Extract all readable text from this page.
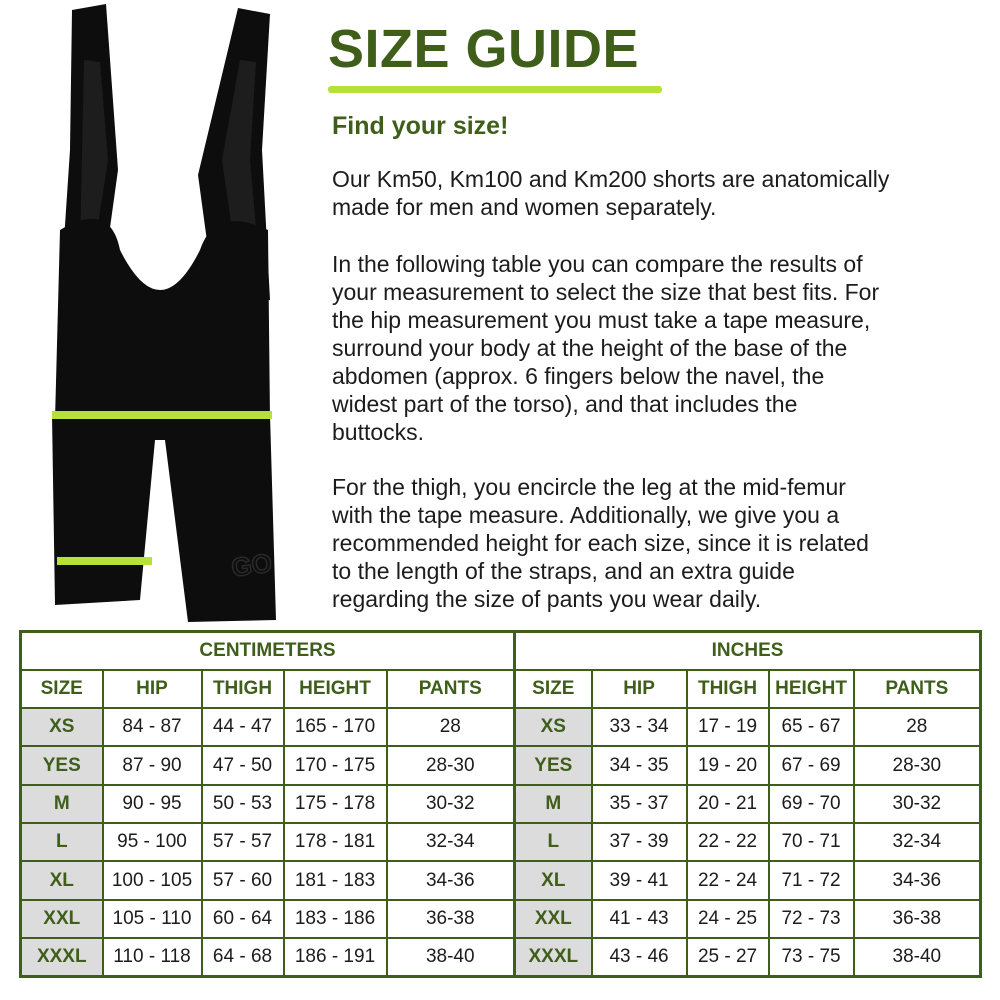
GO
SIZE GUIDE
Find your size!

Our Km50, Km100 and Km200 shorts are anatomically
made for men and women separately.

In the following table you can compare the results of
your measurement to select the size that best fits. For
the hip measurement you must take a tape measure,
surround your body at the height of the base of the
abdomen (approx. 6 fingers below the navel, the
widest part of the torso), and that includes the
buttocks.

For the thigh, you encircle the leg at the mid-femur
with the tape measure. Additionally, we give you a
recommended height for each size, since it is related
to the length of the straps, and an extra guide
regarding the size of pants you wear daily.

CENTIMETERS					INCHES				
SIZE	HIP	THIGH	HEIGHT	PANTS	SIZE	HIP	THIGH	HEIGHT	PANTS
XS	84 - 87	44 - 47	165 - 170	28	XS	33 - 34	17 - 19	65 - 67	28
YES	87 - 90	47 - 50	170 - 175	28-30	YES	34 - 35	19 - 20	67 - 69	28-30
M	90 - 95	50 - 53	175 - 178	30-32	M	35 - 37	20 - 21	69 - 70	30-32
L	95 - 100	57 - 57	178 - 181	32-34	L	37 - 39	22 - 22	70 - 71	32-34
XL	100 - 105	57 - 60	181 - 183	34-36	XL	39 - 41	22 - 24	71 - 72	34-36
XXL	105 - 110	60 - 64	183 - 186	36-38	XXL	41 - 43	24 - 25	72 - 73	36-38
XXXL	110 - 118	64 - 68	186 - 191	38-40	XXXL	43 - 46	25 - 27	73 - 75	38-40
